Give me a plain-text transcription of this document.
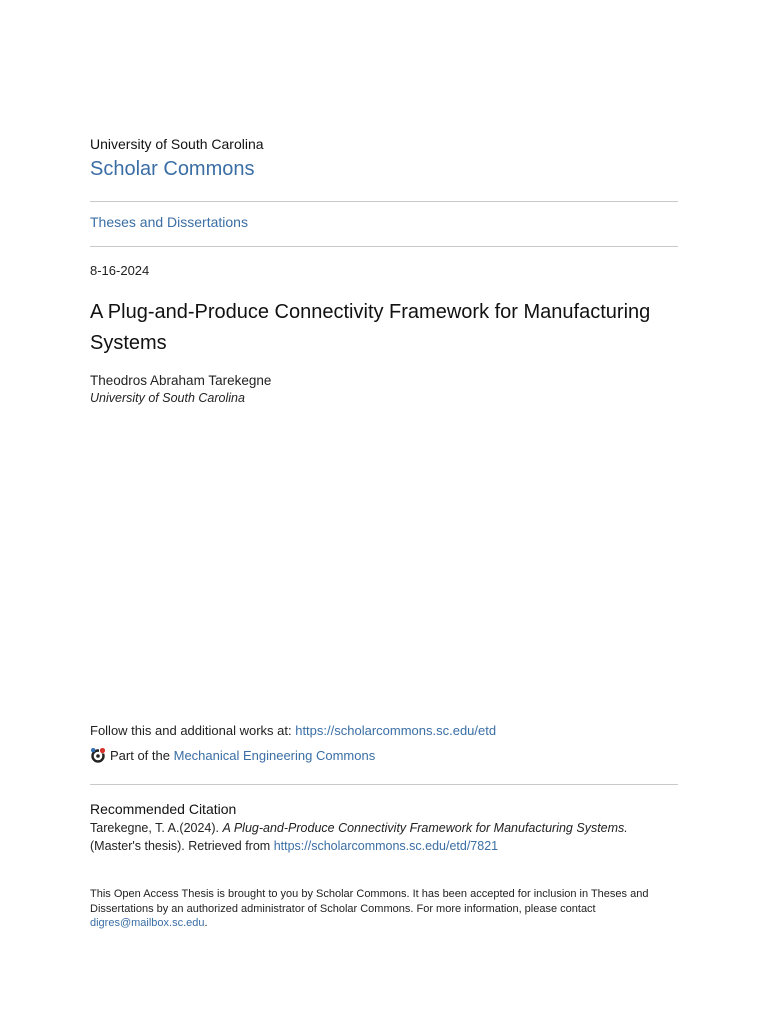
University of South Carolina
Scholar Commons
Theses and Dissertations
8-16-2024
A Plug-and-Produce Connectivity Framework for Manufacturing Systems
Theodros Abraham Tarekegne
University of South Carolina
Follow this and additional works at: https://scholarcommons.sc.edu/etd
Part of the
Mechanical Engineering Commons
Recommended Citation
Tarekegne, T. A.(2024). A Plug-and-Produce Connectivity Framework for Manufacturing Systems. (Master's thesis). Retrieved from https://scholarcommons.sc.edu/etd/7821
This Open Access Thesis is brought to you by Scholar Commons. It has been accepted for inclusion in Theses and Dissertations by an authorized administrator of Scholar Commons. For more information, please contact digres@mailbox.sc.edu.
